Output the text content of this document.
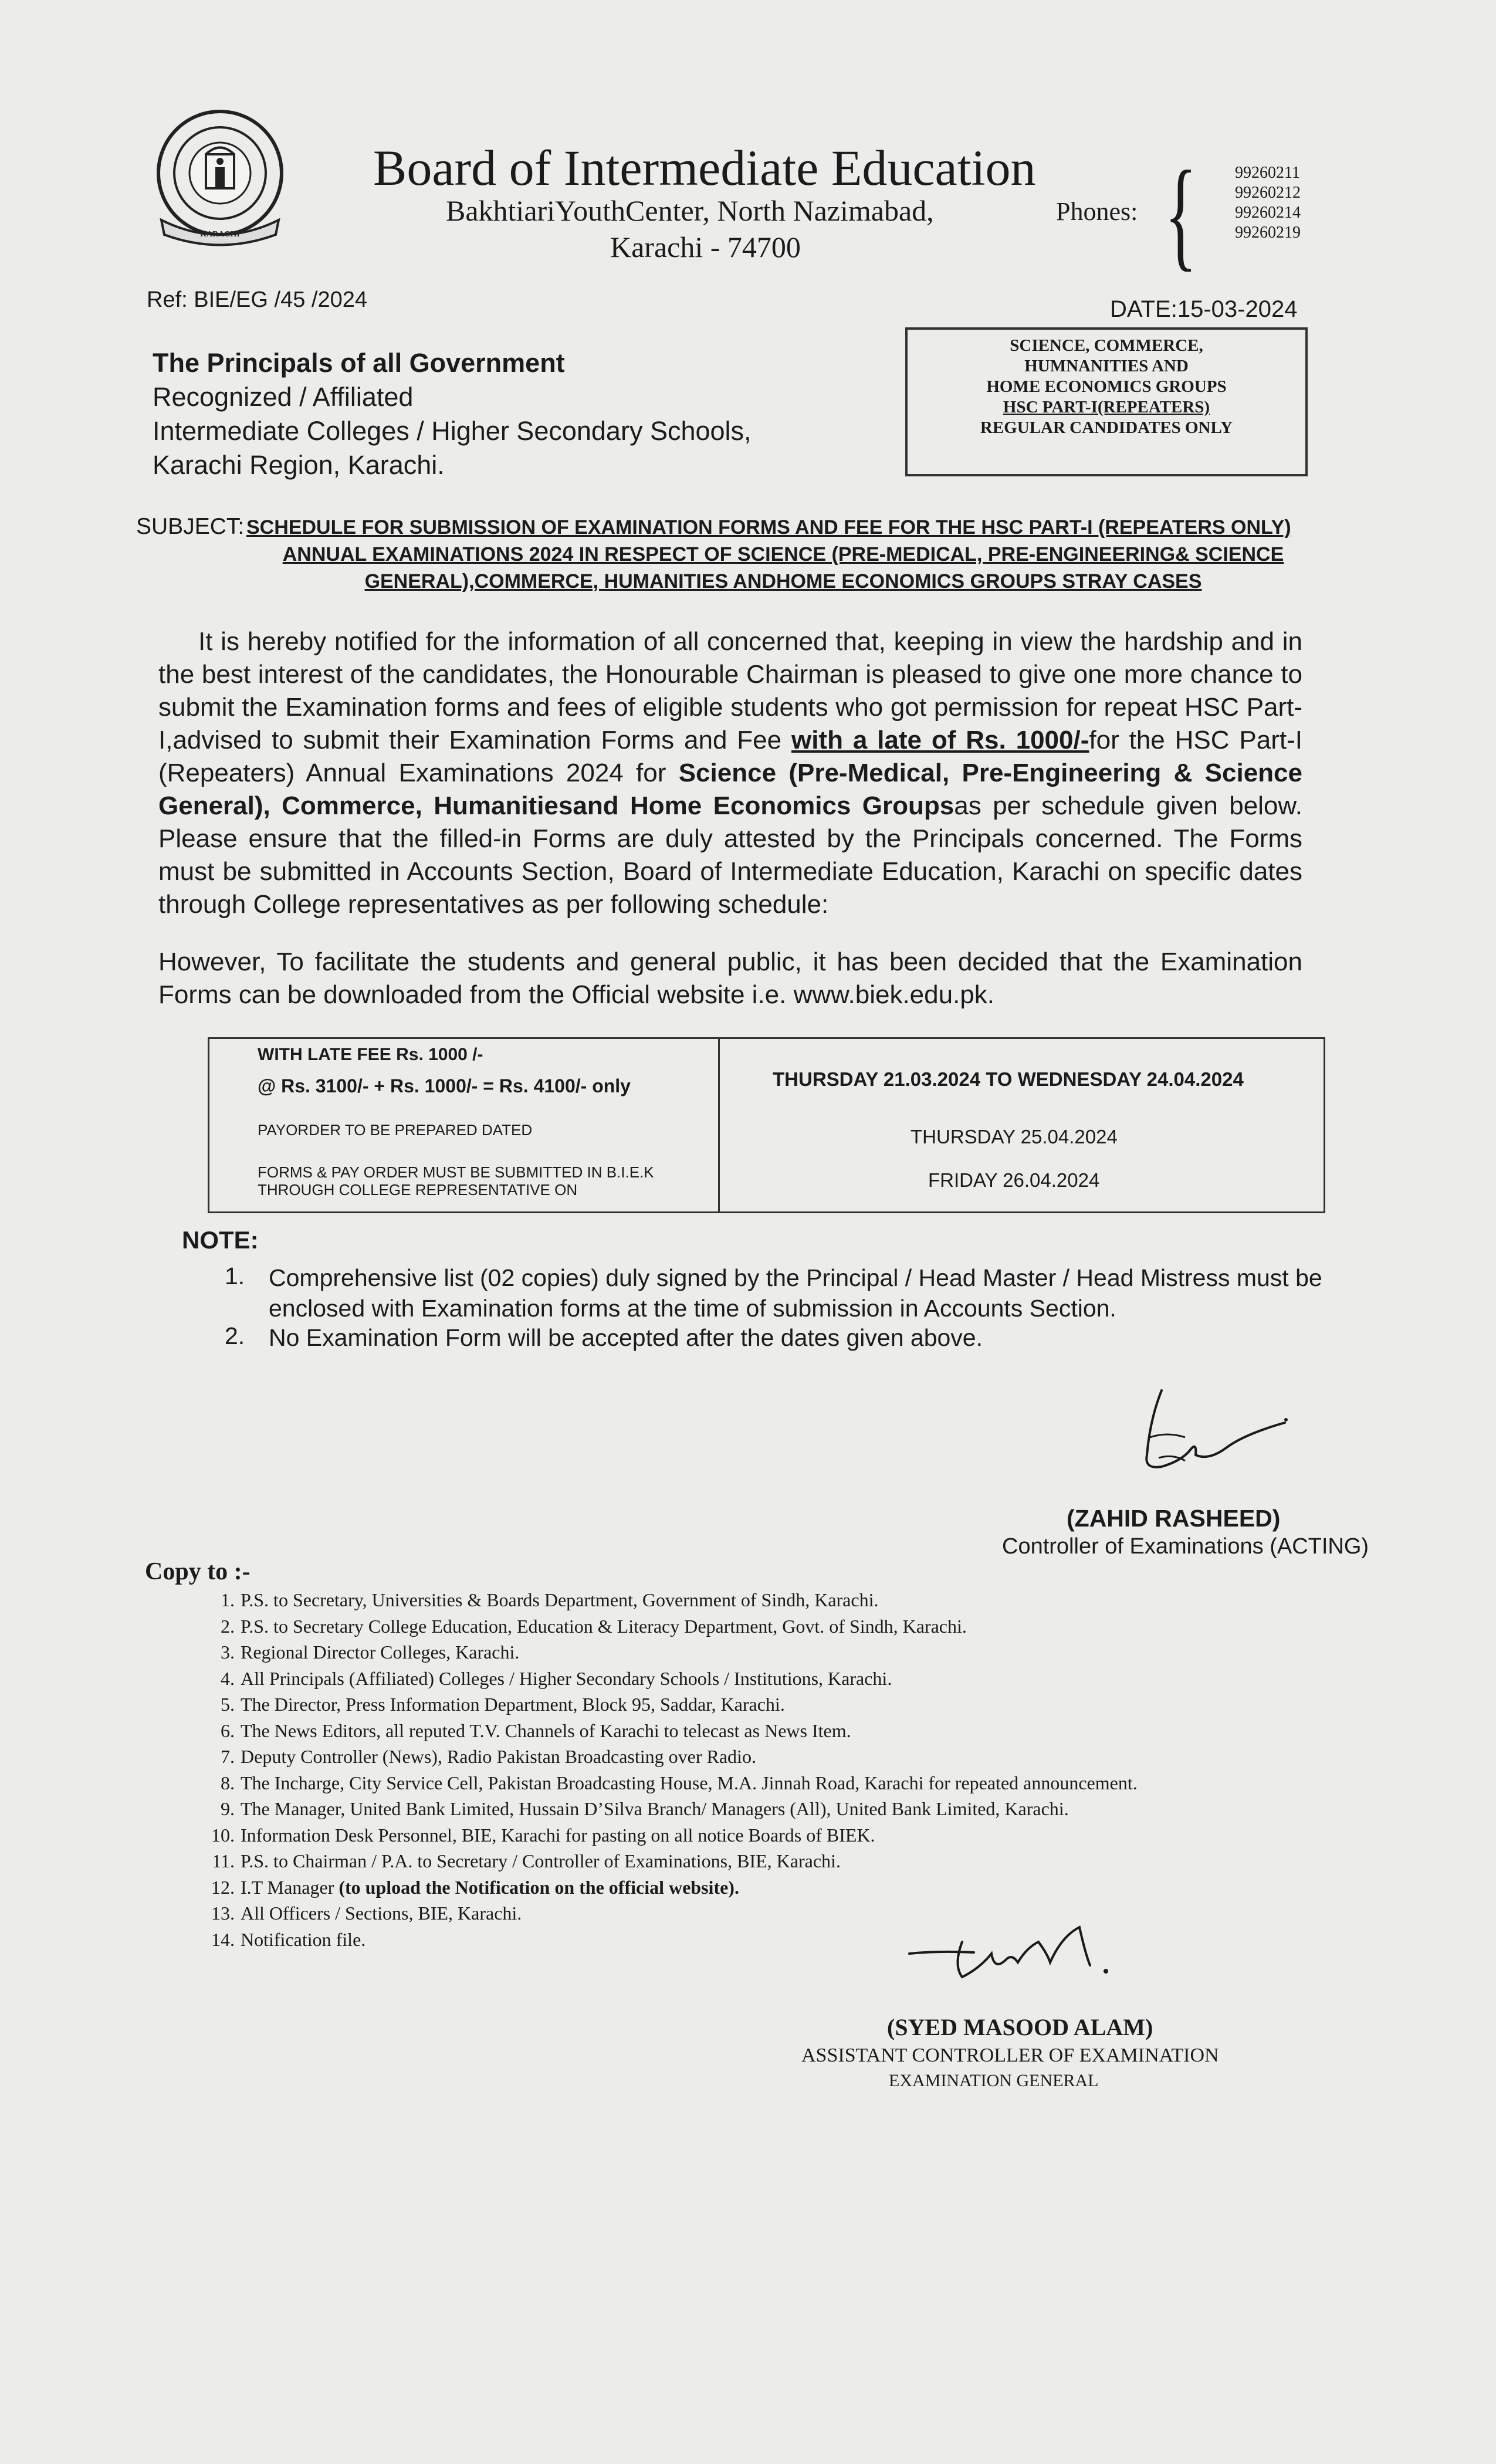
KARACHI
Board of Intermediate Education
BakhtiariYouthCenter, North Nazimabad,
Karachi - 74700
Phones: { 99260211
99260212
99260214
99260219
Ref: BIE/EG /45 /2024	DATE:15-03-2024
The Principals of all Government
Recognized / Affiliated
Intermediate Colleges / Higher Secondary Schools,
Karachi Region, Karachi.
SCIENCE, COMMERCE,
HUMNANITIES AND
HOME ECONOMICS GROUPS
HSC PART-I(REPEATERS)
REGULAR CANDIDATES ONLY
SUBJECT: SCHEDULE FOR SUBMISSION OF EXAMINATION FORMS AND FEE FOR THE HSC PART-I (REPEATERS ONLY)
ANNUAL EXAMINATIONS 2024 IN RESPECT OF SCIENCE (PRE-MEDICAL, PRE-ENGINEERING& SCIENCE
GENERAL),COMMERCE, HUMANITIES ANDHOME ECONOMICS GROUPS STRAY CASES
It is hereby notified for the information of all concerned that, keeping in view the hardship and in the best interest of the candidates, the Honourable Chairman is pleased to give one more chance to submit the Examination forms and fees of eligible students who got permission for repeat HSC Part-I,advised to submit their Examination Forms and Fee with a late of Rs. 1000/-for the HSC Part-I (Repeaters) Annual Examinations 2024 for Science (Pre-Medical, Pre-Engineering & Science General), Commerce, Humanitiesand Home Economics Groupsas per schedule given below. Please ensure that the filled-in Forms are duly attested by the Principals concerned. The Forms must be submitted in Accounts Section, Board of Intermediate Education, Karachi on specific dates through College representatives as per following schedule:
However, To facilitate the students and general public, it has been decided that the Examination Forms can be downloaded from the Official website i.e. www.biek.edu.pk.
WITH LATE FEE Rs. 1000 /-
@ Rs. 3100/- + Rs. 1000/- = Rs. 4100/- only
PAYORDER TO BE PREPARED DATED
FORMS & PAY ORDER MUST BE SUBMITTED IN B.I.E.K
THROUGH COLLEGE REPRESENTATIVE ON
THURSDAY 21.03.2024 TO WEDNESDAY 24.04.2024
THURSDAY 25.04.2024
FRIDAY 26.04.2024
NOTE:
1. Comprehensive list (02 copies) duly signed by the Principal / Head Master / Head Mistress must be enclosed with Examination forms at the time of submission in Accounts Section.
2. No Examination Form will be accepted after the dates given above.
(ZAHID RASHEED)
Controller of Examinations (ACTING)
Copy to :-
1. P.S. to Secretary, Universities & Boards Department, Government of Sindh, Karachi.
2. P.S. to Secretary College Education, Education & Literacy Department, Govt. of Sindh, Karachi.
3. Regional Director Colleges, Karachi.
4. All Principals (Affiliated) Colleges / Higher Secondary Schools / Institutions, Karachi.
5. The Director, Press Information Department, Block 95, Saddar, Karachi.
6. The News Editors, all reputed T.V. Channels of Karachi to telecast as News Item.
7. Deputy Controller (News), Radio Pakistan Broadcasting over Radio.
8. The Incharge, City Service Cell, Pakistan Broadcasting House, M.A. Jinnah Road, Karachi for repeated announcement.
9. The Manager, United Bank Limited, Hussain D’Silva Branch/ Managers (All), United Bank Limited, Karachi.
10. Information Desk Personnel, BIE, Karachi for pasting on all notice Boards of BIEK.
11. P.S. to Chairman / P.A. to Secretary / Controller of Examinations, BIE, Karachi.
12. I.T Manager (to upload the Notification on the official website).
13. All Officers / Sections, BIE, Karachi.
14. Notification file.
(SYED MASOOD ALAM)
ASSISTANT CONTROLLER OF EXAMINATION
EXAMINATION GENERAL
